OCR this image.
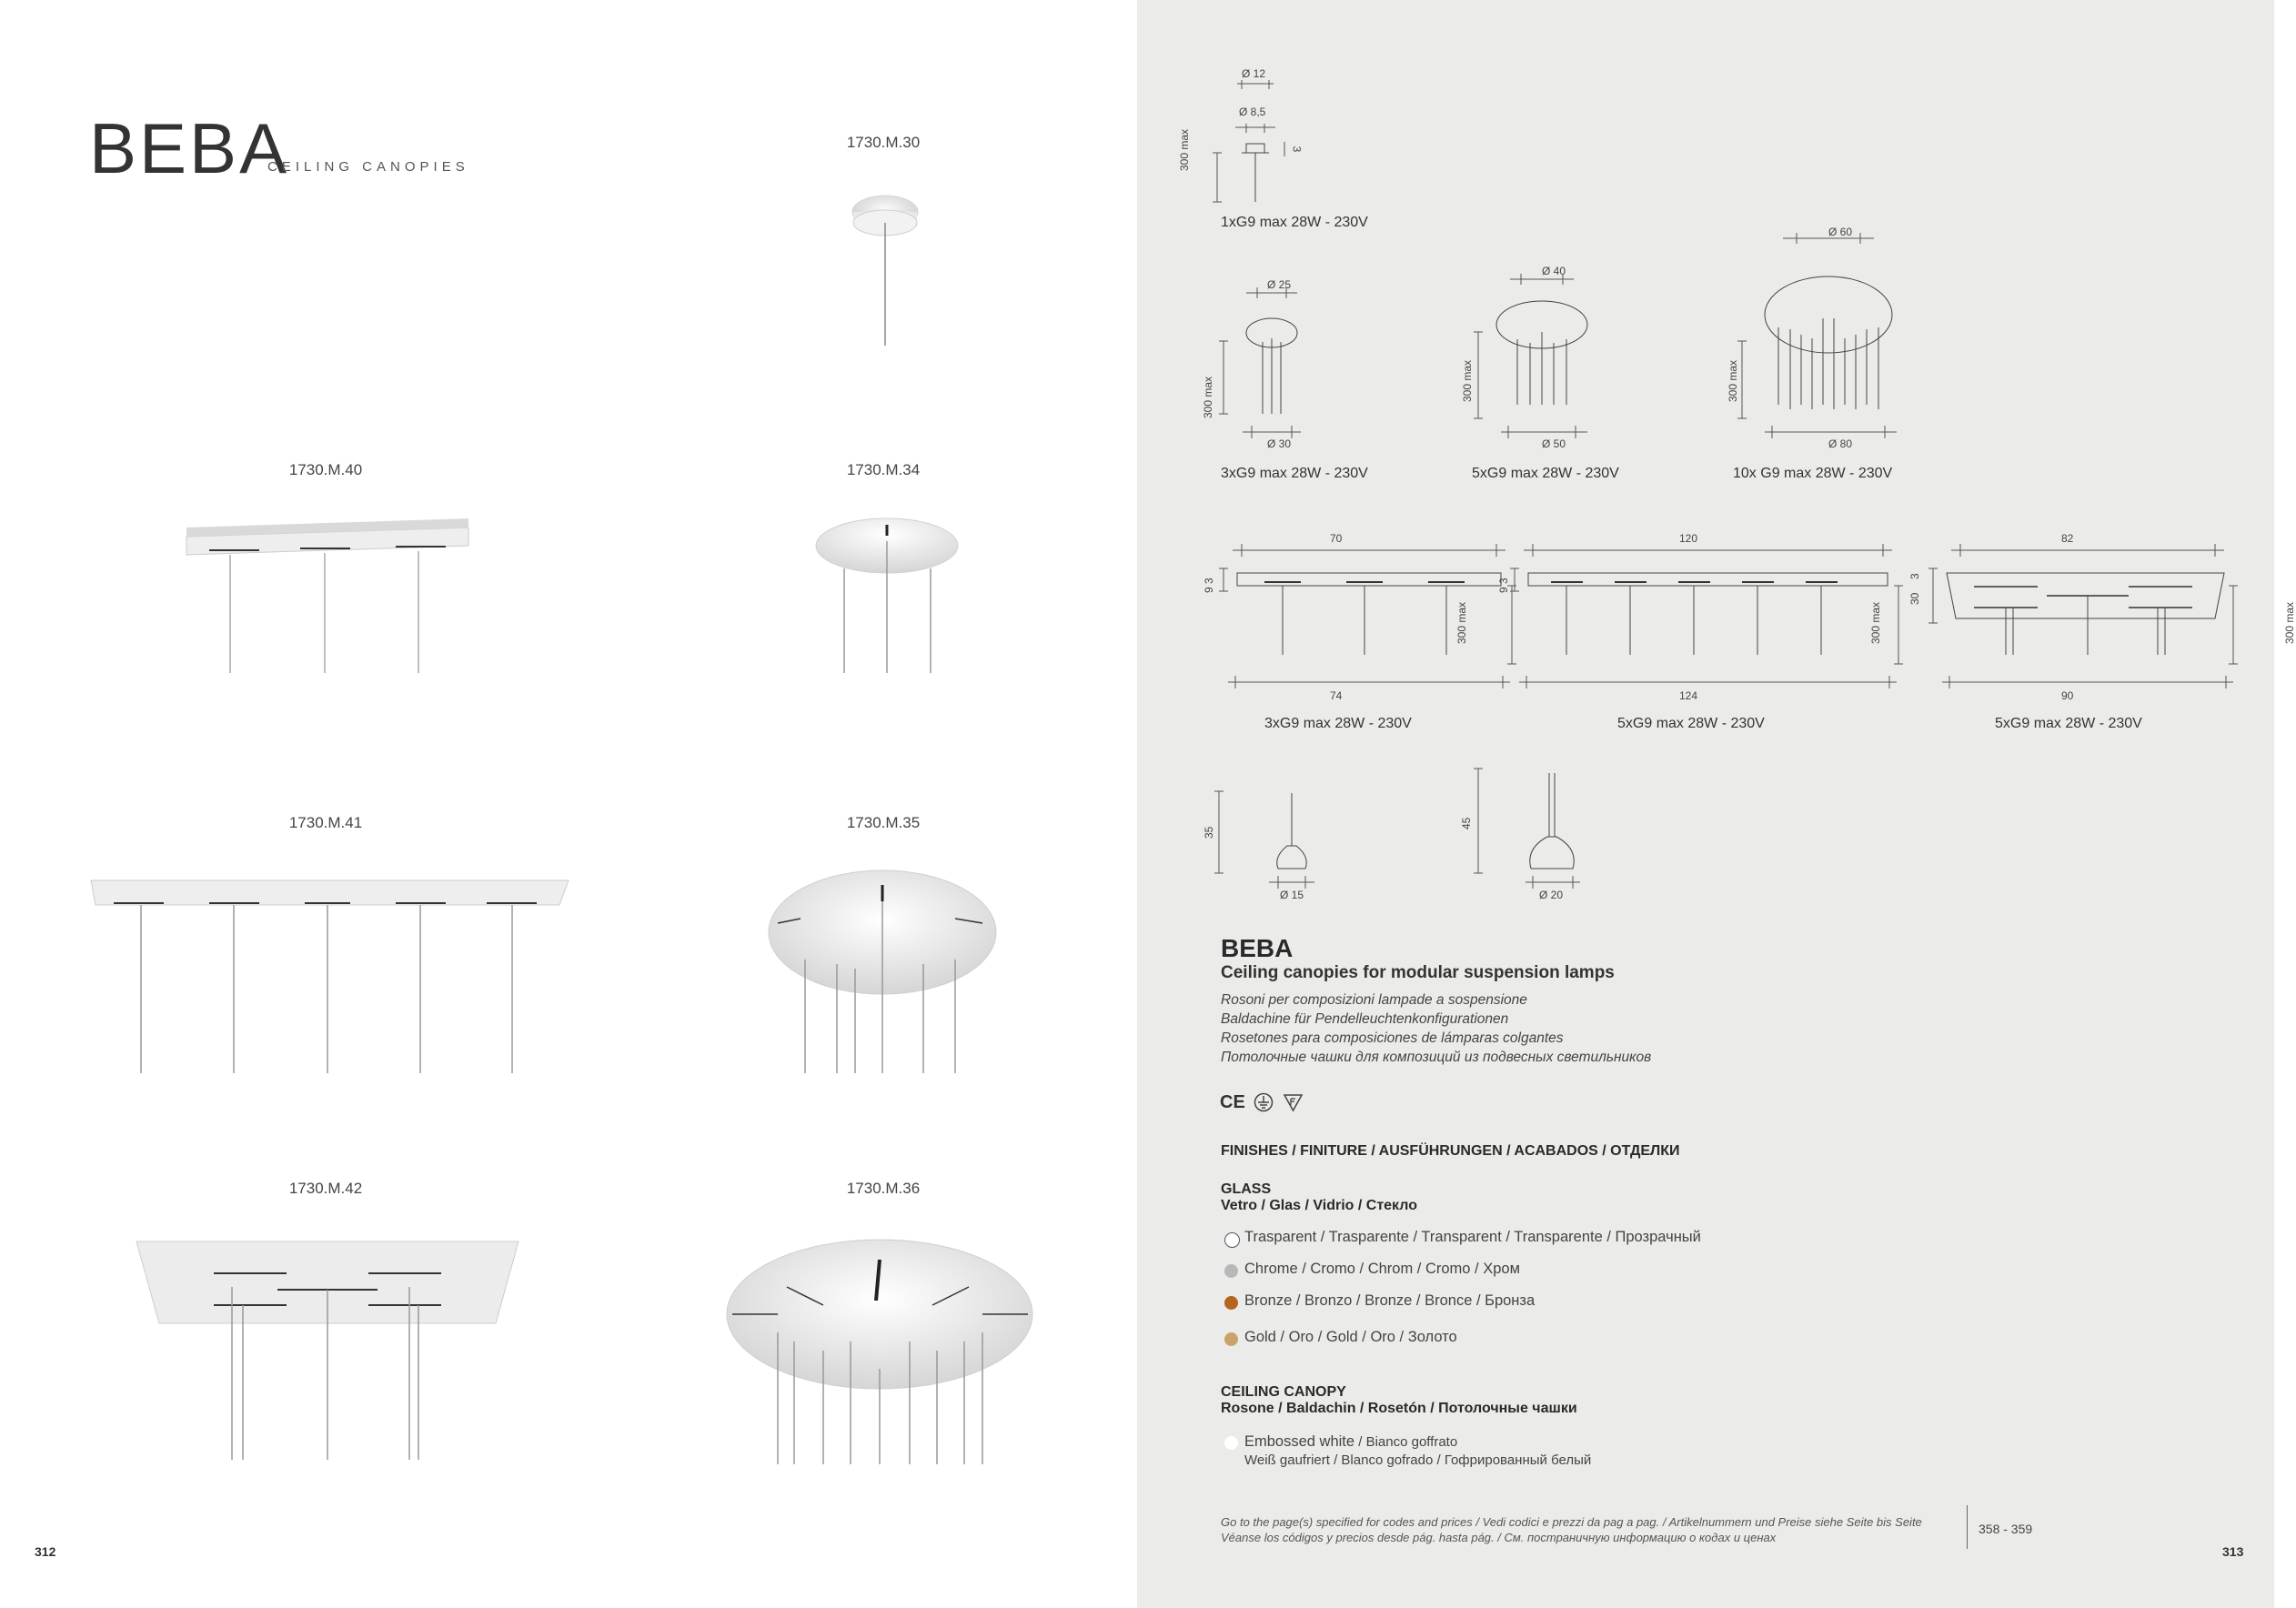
BEBA
CEILING CANOPIES
1730.M.30
1730.M.40	1730.M.34
1730.M.41	1730.M.35
1730.M.42	1730.M.36
312
Ø 12
Ø 8,5
3
300 max
1xG9 max 28W - 230V
Ø 25
Ø 30
300 max
3xG9 max 28W - 230V
Ø 40
Ø 50
300 max
5xG9 max 28W - 230V
Ø 60
Ø 80
300 max
10x G9 max 28W - 230V
70
74
9 3
300 max
3xG9 max 28W - 230V
120
124
9 3
300 max
5xG9 max 28W - 230V
82
90
3
30
300 max
5xG9 max 28W - 230V
35
Ø 15
45
Ø 20
BEBA
Ceiling canopies for modular suspension lamps
Rosoni per composizioni lampade a sospensione
Baldachine für Pendelleuchtenkonfigurationen
Rosetones para composiciones de lámparas colgantes
Потолочные чашки для композиций из подвесных светильников
CE
FINISHES / FINITURE / AUSFÜHRUNGEN / ACABADOS / ОТДЕЛКИ
GLASS
Vetro / Glas / Vidrio / Стекло
Trasparent / Trasparente / Transparent / Transparente / Прозрачный
Chrome / Cromo / Chrom / Cromo / Хром
Bronze / Bronzo / Bronze / Bronce / Бронза
Gold / Oro / Gold / Oro / Золото
CEILING CANOPY
Rosone / Baldachin / Rosetón / Потолочные чашки
Embossed white / Bianco goffrato
Weiß gaufriert / Blanco gofrado / Гофрированный белый
Go to the page(s) specified for codes and prices / Vedi codici e prezzi da pag a pag. / Artikelnummern und Preise siehe Seite bis Seite
Véanse los códigos y precios desde pág. hasta pág. / См. постраничную информацию о кодах и ценах
358 - 359
313
